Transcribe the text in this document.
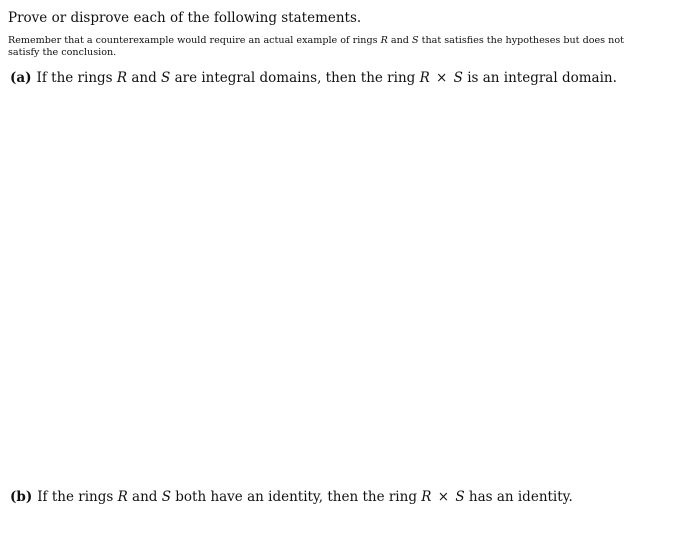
Prove or disprove each of the following statements.
Remember that a counterexample would require an actual example of rings R and S that satisfies the hypotheses but does not satisfy the conclusion.
(a) If the rings R and S are integral domains, then the ring R × S is an integral domain.
(b) If the rings R and S both have an identity, then the ring R × S has an identity.
